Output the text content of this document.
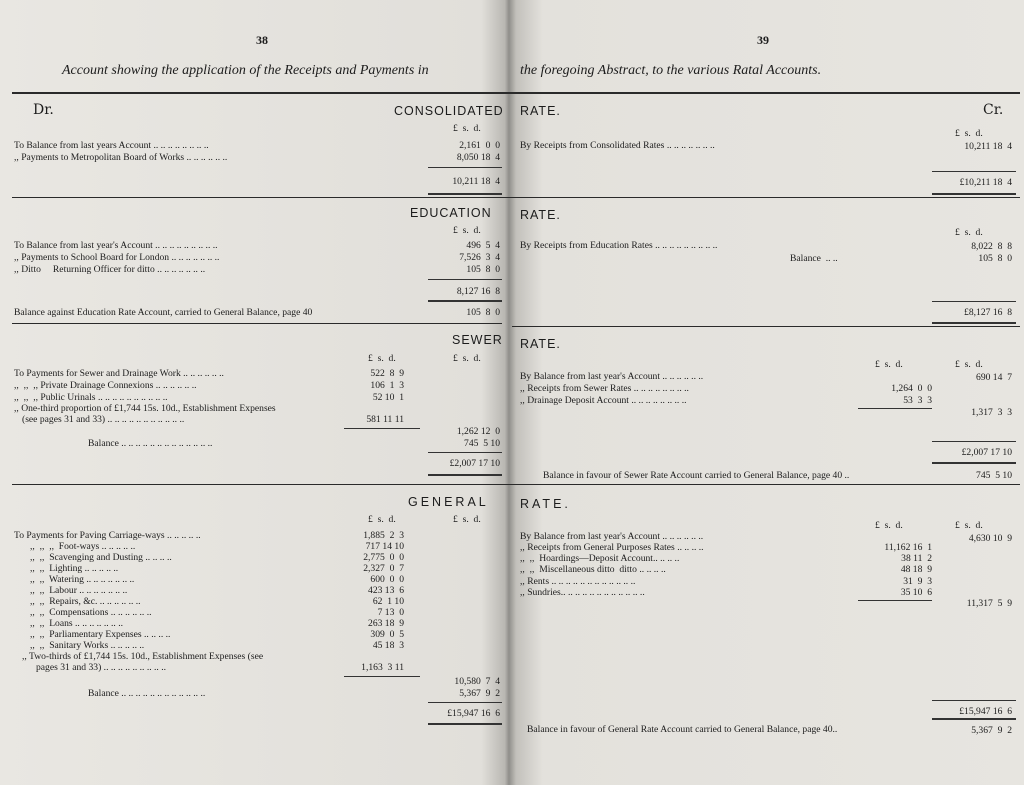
38	39
Account showing the application of the Receipts and Payments in	the foregoing Abstract, to the various Ratal Accounts.
Dr.	Cr.
CONSOLIDATED RATE.
£  s.  d.	£  s.  d.
To Balance from last years Account .. .. .. .. .. .. .. ..	2,161  0  0
,, Payments to Metropolitan Board of Works .. .. .. .. .. ..	8,050 18  4
10,211 18  4
By Receipts from Consolidated Rates .. .. .. .. .. .. ..	10,211 18  4
£10,211 18  4
EDUCATION RATE.
£  s.  d.	£  s.  d.
To Balance from last year's Account .. .. .. .. .. .. .. .. ..	496  5  4
,, Payments to School Board for London .. .. .. .. .. .. ..	7,526  3  4
,, Ditto     Returning Officer for ditto .. .. .. .. .. .. ..	105  8  0
8,127 16  8
Balance against Education Rate Account, carried to General Balance, page 40	105  8  0
By Receipts from Education Rates .. .. .. .. .. .. .. .. ..	8,022  8  8
Balance  .. ..	105  8  0
£8,127 16  8
SEWER RATE.
£  s.  d.	£  s.  d.
£  s.  d.	£  s.  d.
To Payments for Sewer and Drainage Work .. .. .. .. .. ..	522  8  9
,,  ,,  ,, Private Drainage Connexions .. .. .. .. .. ..	106  1  3
,,  ,,  ,, Public Urinals .. .. .. .. .. .. .. .. .. ..	52 10  1
,, One-third proportion of £1,744 15s. 10d., Establishment Expenses
(see pages 31 and 33) .. .. .. .. .. .. .. .. .. .. ..	581 11 11
1,262 12  0
Balance .. .. .. .. .. .. .. .. .. .. .. .. ..	745  5 10
£2,007 17 10
By Balance from last year's Account .. .. .. .. .. ..	690 14  7
,, Receipts from Sewer Rates .. .. .. .. .. .. .. ..	1,264  0  0
,, Drainage Deposit Account .. .. .. .. .. .. .. ..	53  3  3
1,317  3  3
£2,007 17 10
Balance in favour of Sewer Rate Account carried to General Balance, page 40 ..	745  5 10
GENERAL	RATE.
£  s.  d.	£  s.  d.
£  s.  d.	£  s.  d.
To Payments for Paving Carriage-ways .. .. .. .. ..	1,885  2  3
,,  ,,  ,,  Foot-ways .. .. .. .. ..	717 14 10
,,  ,,  Scavenging and Dusting .. .. .. ..	2,775  0  0
,,  ,,  Lighting .. .. .. .. ..	2,327  0  7
,,  ,,  Watering .. .. .. .. .. .. ..	600  0  0
,,  ,,  Labour .. .. .. .. .. .. ..	423 13  6
,,  ,,  Repairs, &c. .. .. .. .. .. ..	62  1 10
,,  ,,  Compensations .. .. .. .. .. ..	7 13  0
,,  ,,  Loans .. .. .. .. .. .. ..	263 18  9
,,  ,,  Parliamentary Expenses .. .. .. ..	309  0  5
,,  ,,  Sanitary Works .. .. .. .. ..	45 18  3
,, Two-thirds of £1,744 15s. 10d., Establishment Expenses (see
pages 31 and 33) .. .. .. .. .. .. .. .. ..	1,163  3 11
10,580  7  4
Balance .. .. .. .. .. .. .. .. .. .. .. ..	5,367  9  2
£15,947 16  6
By Balance from last year's Account .. .. .. .. .. ..	4,630 10  9
,, Receipts from General Purposes Rates .. .. .. ..	11,162 16  1
,,  ,,  Hoardings—Deposit Account.. .. .. ..	38 11  2
,,  ,,  Miscellaneous ditto  ditto .. .. .. ..	48 18  9
,, Rents .. .. .. .. .. .. .. .. .. .. .. ..	31  9  3
,, Sundries.. .. .. .. .. .. .. .. .. .. .. ..	35 10  6
11,317  5  9
£15,947 16  6
Balance in favour of General Rate Account carried to General Balance, page 40..	5,367  9  2
